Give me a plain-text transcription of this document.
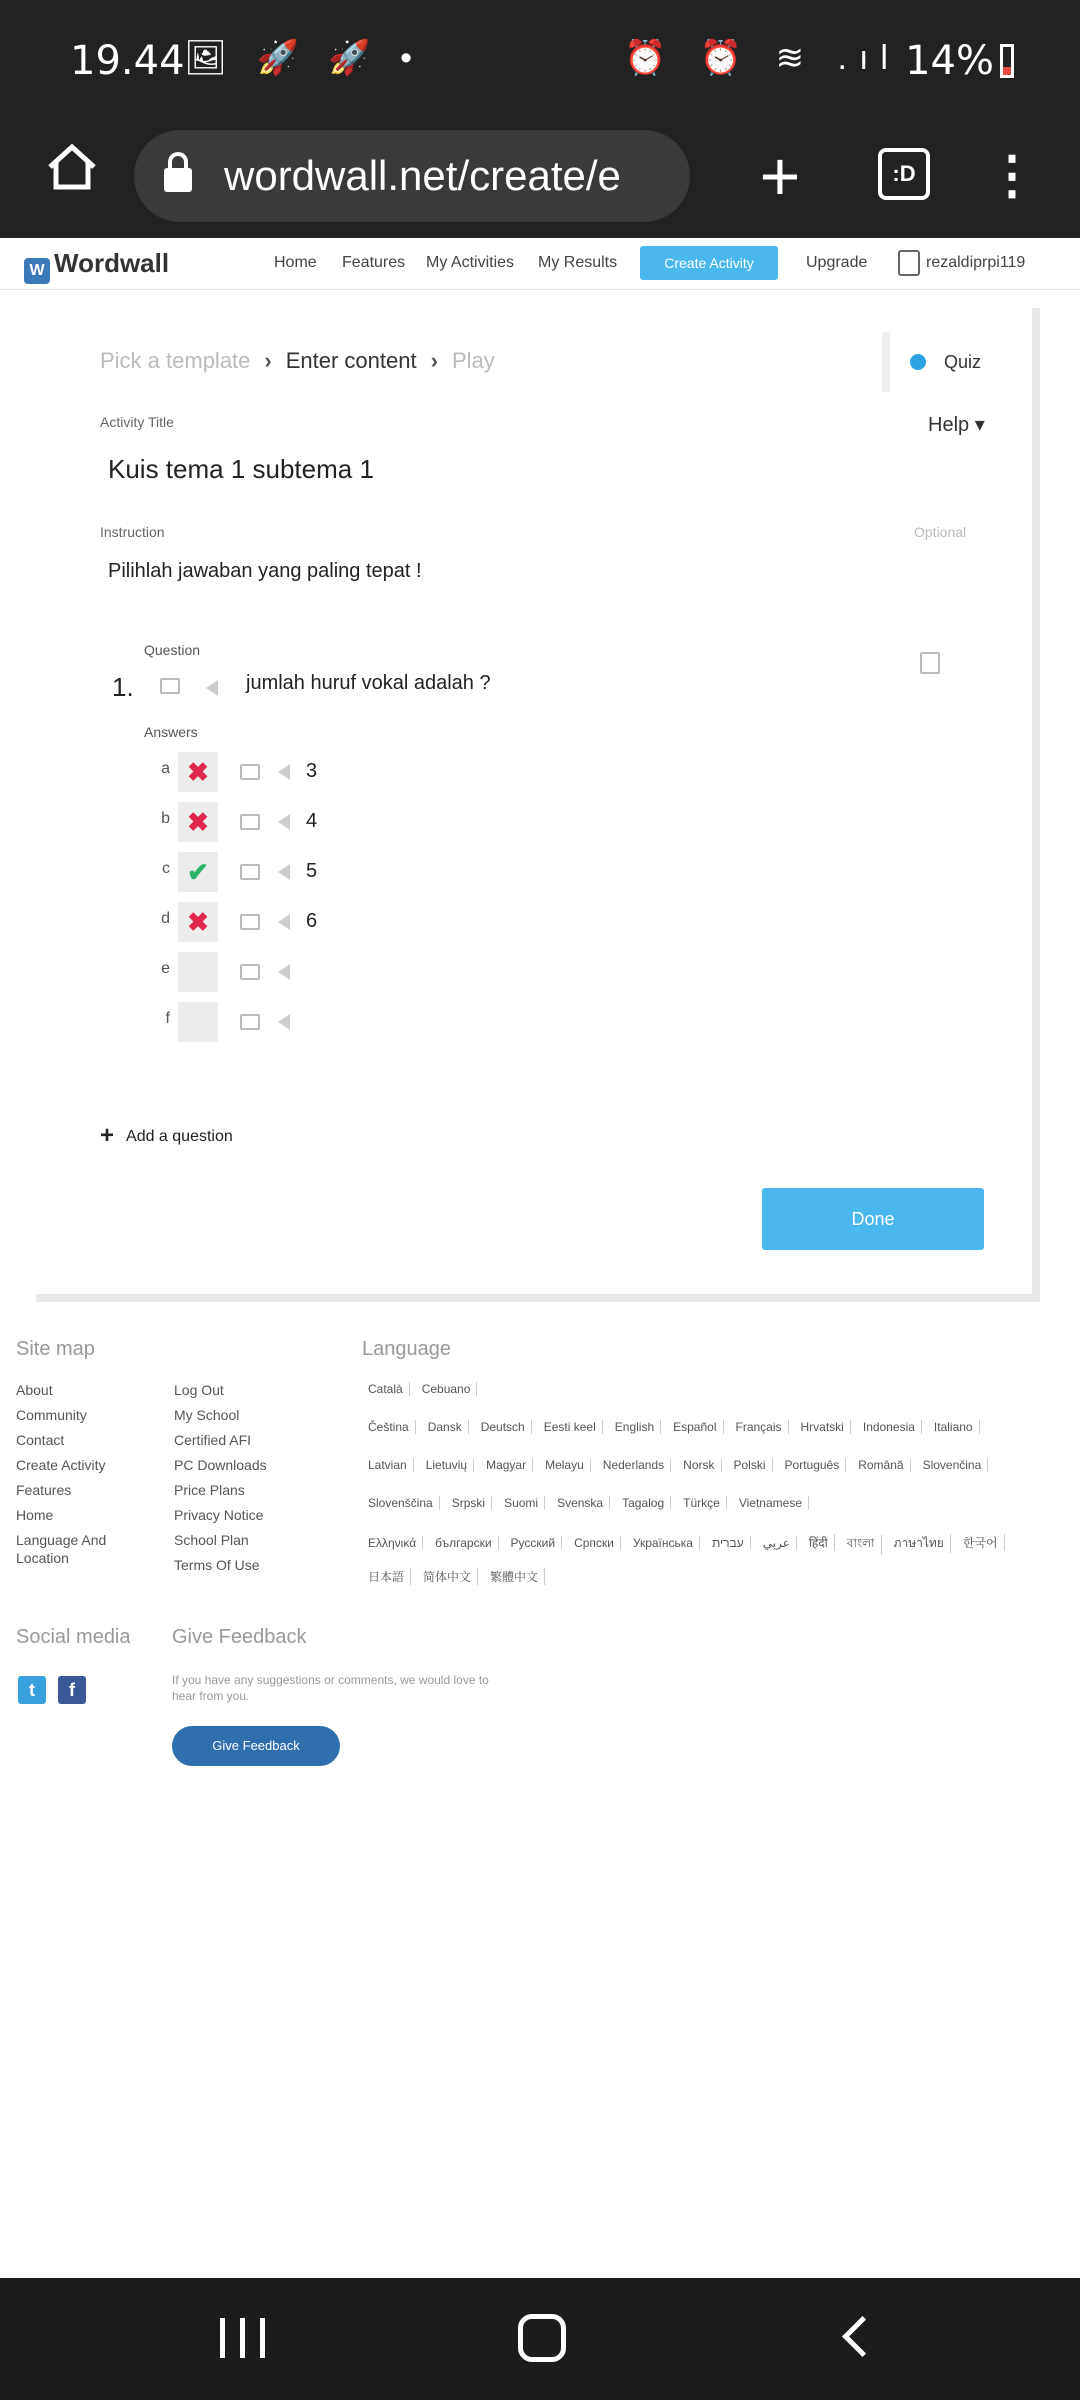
19.44 🖼 🚀 🚀 •	⏰ ⏰ ≋ .ıl 14%
wordwall.net/create/e	+	:D ⋮
W Wordwall	Home Features My Activities My Results	Create Activity	Upgrade	rezaldiprpi119
Pick a template › Enter content › Play	Quiz
Activity Title	Help ▾
Kuis tema 1 subtema 1
Instruction	Optional
Pilihlah jawaban yang paling tepat !
Question
1.	jumlah huruf vokal adalah ?
Answers
a ✖	3
b ✖	4
c ✔	5
d ✖	6
e
f
+ Add a question
Done
Site map
About
Community
Contact
Create Activity
Features
Home
Language And
Location
Log Out
My School
Certified AFI
PC Downloads
Price Plans
Privacy Notice
School Plan
Terms Of Use
Language
Català Cebuano
Čeština Dansk Deutsch Eesti keel English Español Français Hrvatski Indonesia Italiano
Latvian Lietuvių Magyar Melayu Nederlands Norsk Polski Português Română Slovenčina
Slovenščina Srpski Suomi Svenska Tagalog Türkçe Vietnamese
Ελληνικά български Русский Српски Українська עברית عربي हिंदी বাংলা ภาษาไทย 한국어
日本語 简体中文 繁體中文
Social media
t	f
Give Feedback
If you have any suggestions or comments, we would love to hear from you.
Give Feedback
